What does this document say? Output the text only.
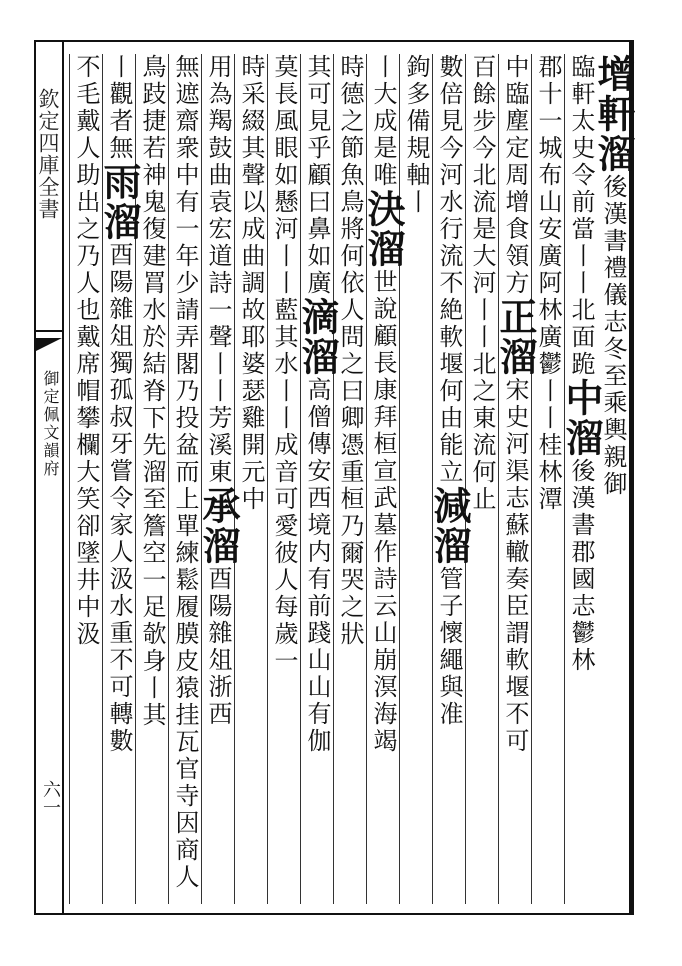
欽定四庫全書
御定佩文韻府
六一
增軒溜後漢書禮儀志冬至乘輿親御
臨軒太史令前當丨丨北面跪中溜後漢書郡國志鬱林
郡十一城布山安廣阿林廣鬱丨丨桂林潭
中臨塵定周增食領方正溜宋史河渠志蘇轍奏臣謂軟堰不可
百餘步今北流是大河丨丨北之東流何止
數倍見今河水行流不絶軟堰何由能立減溜管子懷繩與准
鉤多備規軸丨
丨大成是唯決溜世說顧長康拜桓宣武墓作詩云山崩溟海竭
時德之節魚鳥將何依人問之曰卿憑重桓乃爾哭之狀
其可見乎顧曰鼻如廣滴溜高僧傳安西境内有前踐山山有伽
莫長風眼如懸河丨丨藍其水丨丨成音可愛彼人每歲一
時采綴其聲以成曲調故耶婆瑟雞開元中
用為羯鼓曲袁宏道詩一聲丨丨芳溪東承溜酉陽雜俎浙西
無遮齋衆中有一年少請弄閣乃投盆而上單練鬆履膜皮猿挂瓦官寺因商人
鳥跂捷若神鬼復建罥水於結脊下先溜至簷空一足欹身丨其
丨觀者無雨溜酉陽雜俎獨孤叔牙嘗令家人汲水重不可轉數
不毛戴人助出之乃人也戴席帽攀欄大笑卻墜井中汲
